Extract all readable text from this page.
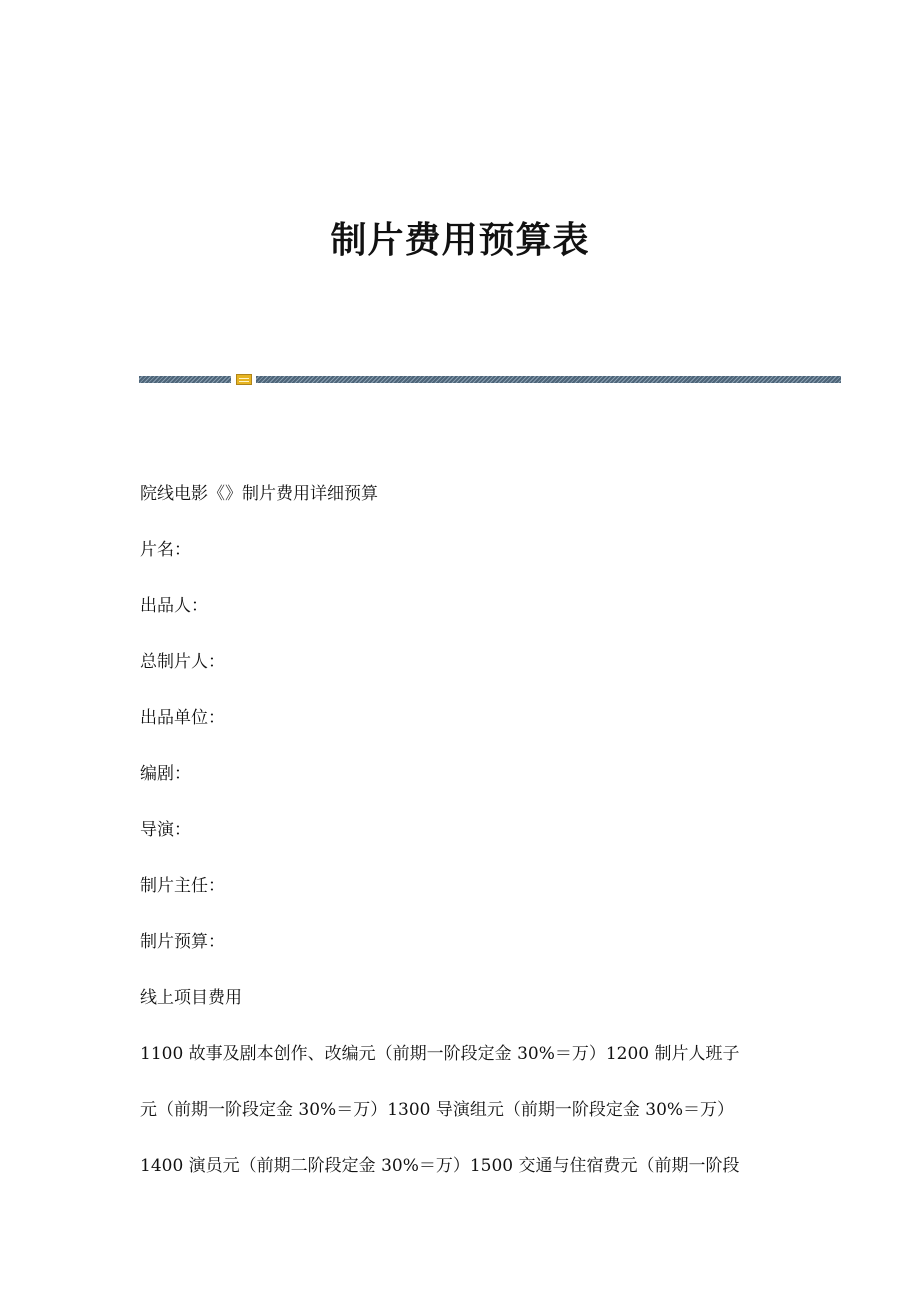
制片费用预算表

院线电影《》制片费用详细预算

片名：

出品人：

总制片人：

出品单位：

编剧：

导演：

制片主任：

制片预算：

线上项目费用

1100 故事及剧本创作、改编元（前期一阶段定金 30%＝万）1200 制片人班子

元（前期一阶段定金 30%＝万）1300 导演组元（前期一阶段定金 30%＝万）

1400 演员元（前期二阶段定金 30%＝万）1500 交通与住宿费元（前期一阶段
